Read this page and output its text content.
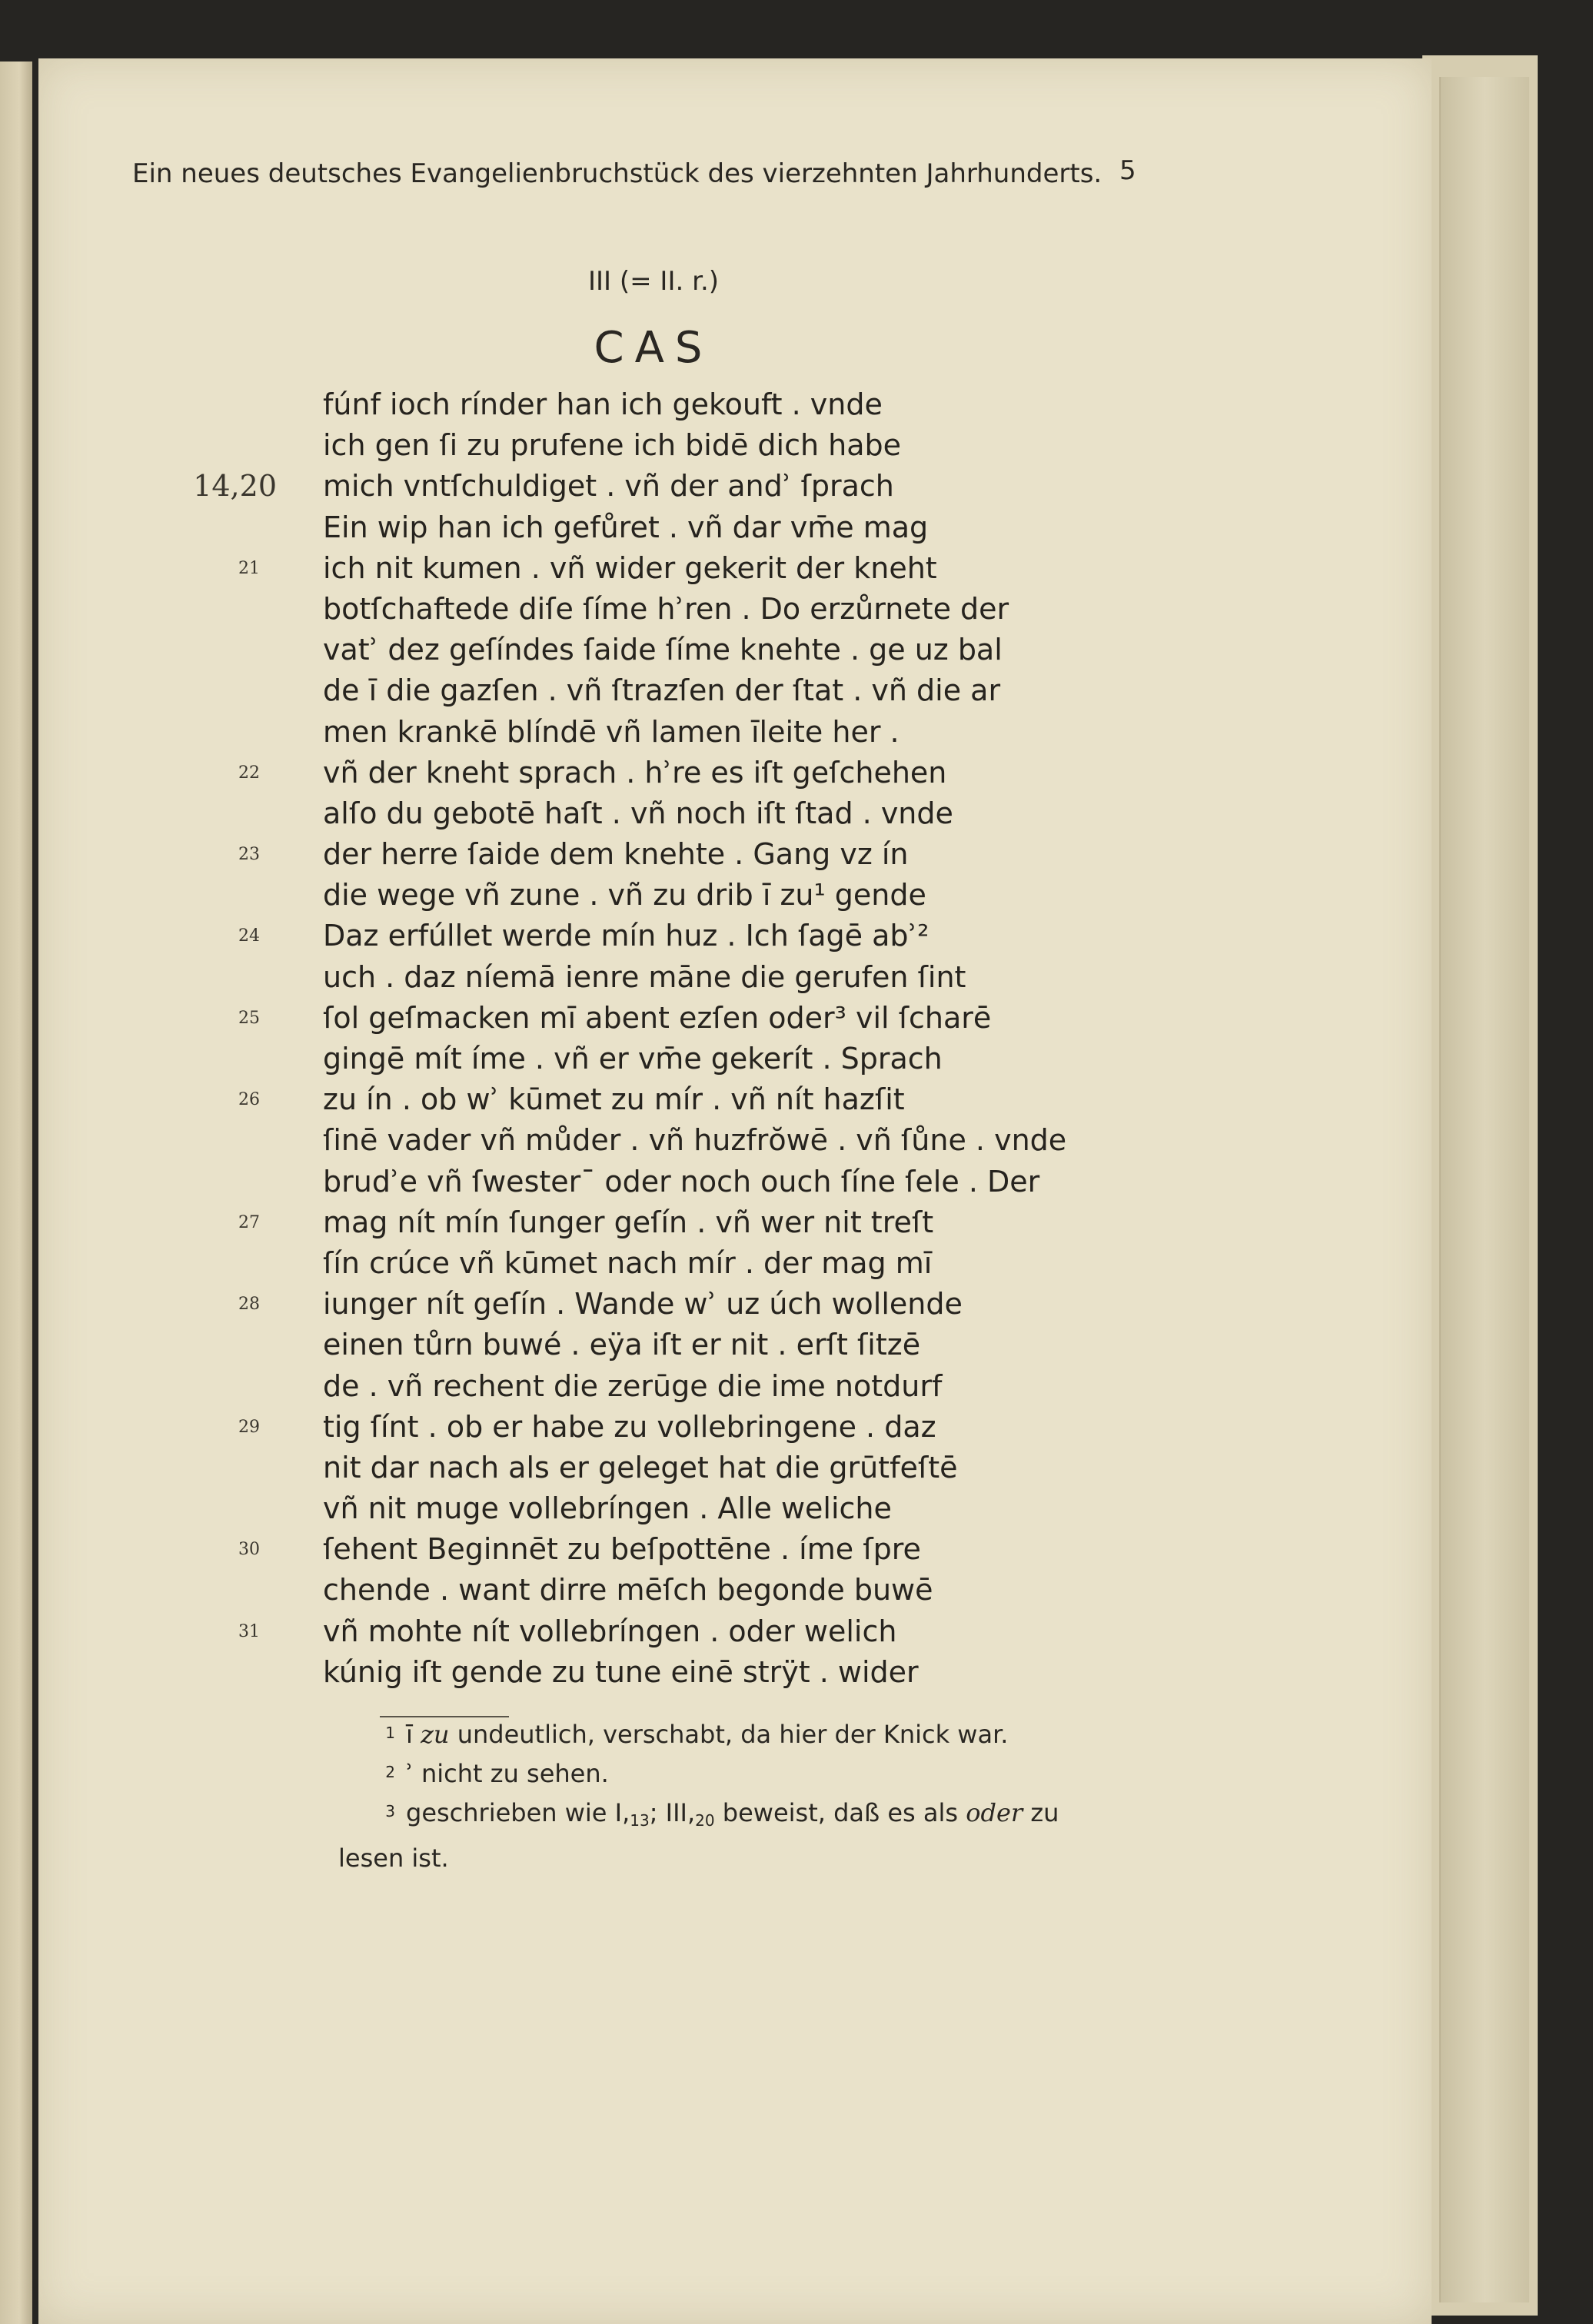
Ein neues deutsches Evangelienbruchstück des vierzehnten Jahrhunderts. 5
III (= II. r.)
CAS
14,20
21
22
23
24
25
26
27
28
29
30
31
fúnf ioch rínder han ich gekouft . vnde
ich gen ſi zu prufene ich bidē dich habe
mich vntſchuldiget . vñ der andʾ ſprach
Ein wip han ich gefůret . vñ dar vm̄e mag
ich nit kumen . vñ wider gekerit der kneht
botſchaftede diſe ſíme hʾren . Do erzůrnete der
vatʾ dez geſíndes ſaide ſíme knehte . ge uz bal
de ī die gazſen . vñ ſtrazſen der ſtat . vñ die ar
men krankē blíndē vñ lamen īleite her .
vñ der kneht sprach . hʾre es iſt geſchehen
alſo du gebotē haſt . vñ noch iſt ſtad . vnde
der herre ſaide dem knehte . Gang vz ín
die wege vñ zune . vñ zu drib ī zu¹ gende
Daz erfúllet werde mín huz . Ich ſagē abʾ²
uch . daz níemā ienre māne die gerufen ſint
ſol geſmacken mī abent ezſen oder³ vil ſcharē
gingē mít íme . vñ er vm̄e gekerít . Sprach
zu ín . ob wʾ kūmet zu mír . vñ nít hazſit
ſinē vader vñ můder . vñ huzfrŏwē . vñ ſůne . vnde
brudʾe vñ ſwesterˉ oder noch ouch ſíne ſele . Der
mag nít mín ſunger geſín . vñ wer nit treſt
ſín crúce vñ kūmet nach mír . der mag mī
iunger nít geſín . Wande wʾ uz úch wollende
einen tůrn buwé . eÿa iſt er nit . erſt ſitzē
de . vñ rechent die zerūge die ime notdurf
tig ſínt . ob er habe zu vollebringene . daz
nit dar nach als er geleget hat die grūtfeſtē
vñ nit muge vollebríngen . Alle weliche
ſehent Beginnēt zu beſpottēne . íme ſpre
chende . want dirre mēſch begonde buwē
vñ mohte nít vollebríngen . oder welich
kúnig iſt gende zu tune einē strÿt . wider
1 ī zu undeutlich, verschabt, da hier der Knick war.
2 ʾ nicht zu sehen.
3 geschrieben wie $I,_{13}$; $III,_{20}$ beweist, daß es als oder zu
lesen ist.
